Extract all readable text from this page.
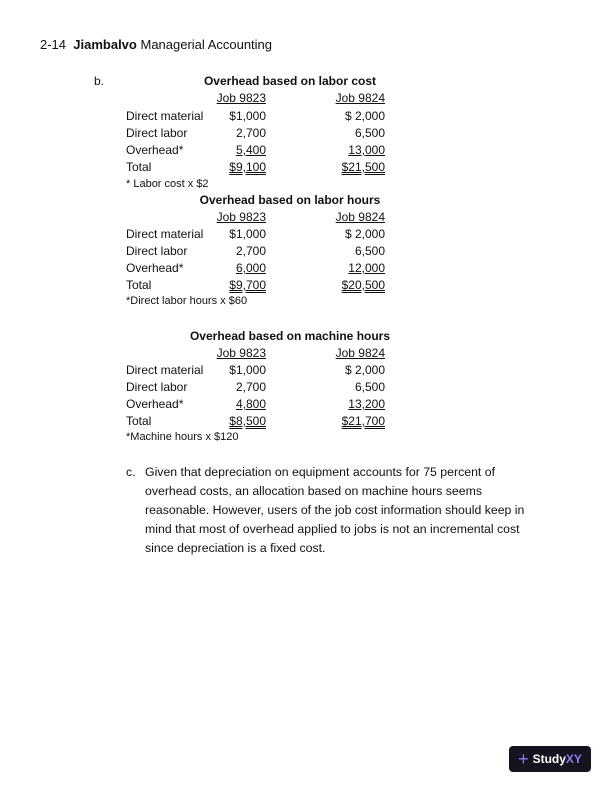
2-14 Jiambalvo Managerial Accounting
b.	Overhead based on labor cost
Job 9823	Job 9824
Direct material	$1,000	$ 2,000
Direct labor	2,700	6,500
Overhead*	5,400	13,000
Total	$9,100	$21,500
* Labor cost x $2
Overhead based on labor hours
Job 9823	Job 9824
Direct material	$1,000	$ 2,000
Direct labor	2,700	6,500
Overhead*	6,000	12,000
Total	$9,700	$20,500
*Direct labor hours x $60
Overhead based on machine hours
Job 9823	Job 9824
Direct material	$1,000	$ 2,000
Direct labor	2,700	6,500
Overhead*	4,800	13,200
Total	$8,500	$21,700
*Machine hours x $120
c. Given that depreciation on equipment accounts for 75 percent of overhead costs, an allocation based on machine hours seems reasonable. However, users of the job cost information should keep in mind that most of overhead applied to jobs is not an incremental cost since depreciation is a fixed cost.
+ StudyXY
